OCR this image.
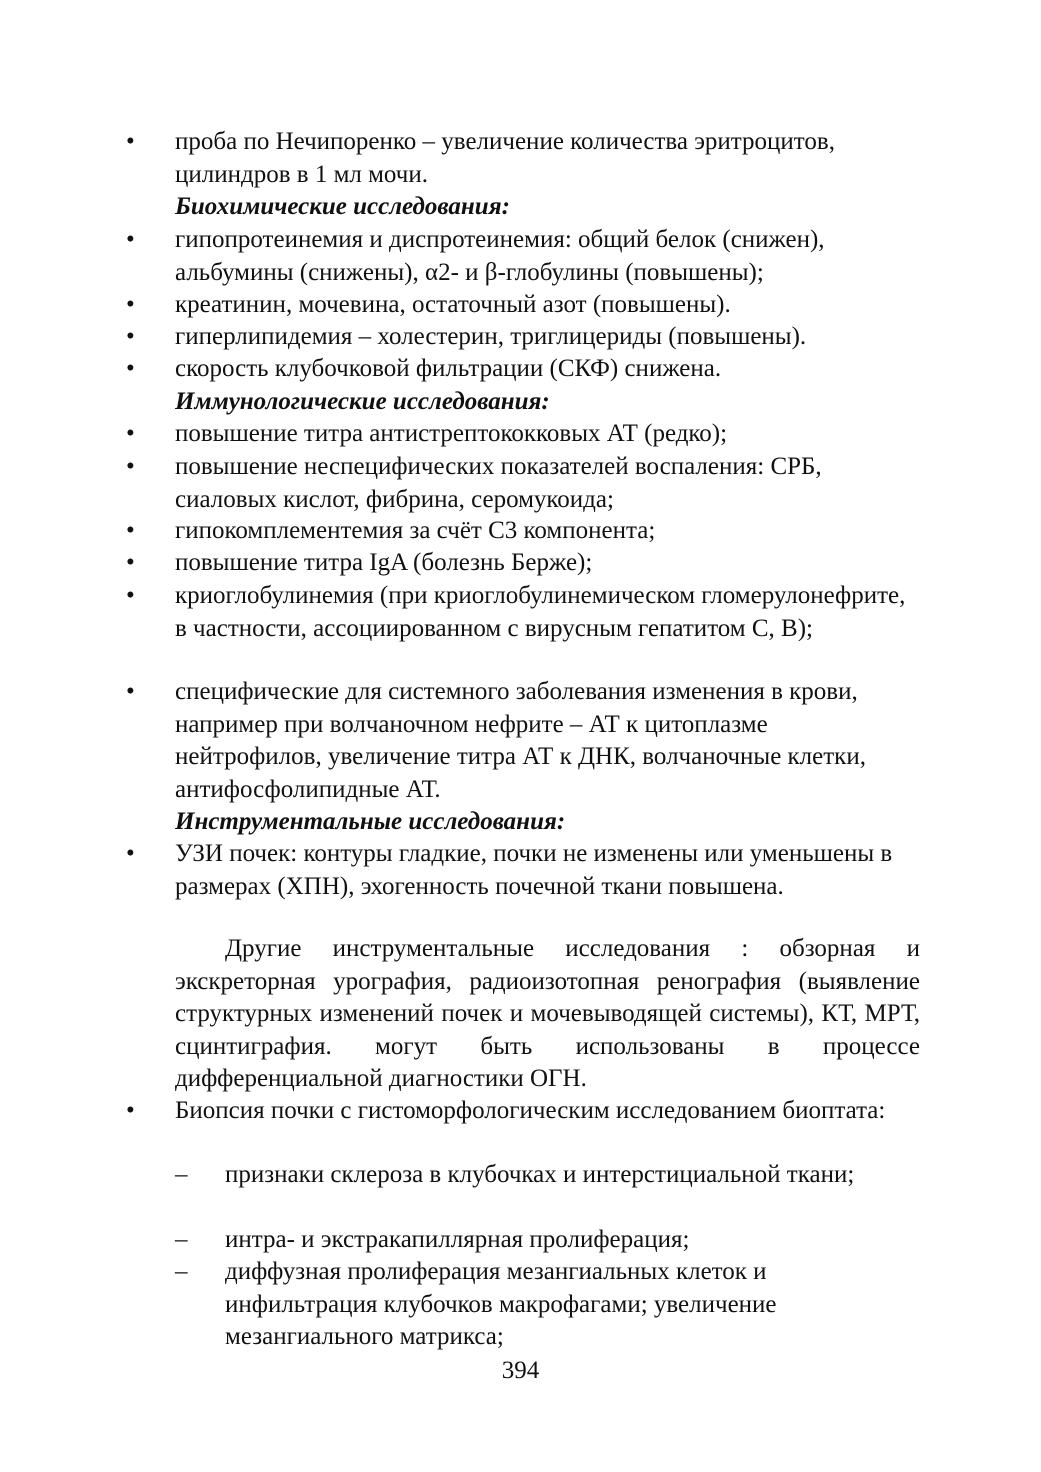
•	проба по Нечипоренко – увеличение количества эритроцитов, цилиндров в 1 мл мочи.
Биохимические исследования:
•	гипопротеинемия и диспротеинемия: общий белок (снижен), альбумины (снижены), α2- и β-глобулины (повышены);
•	креатинин, мочевина, остаточный азот (повышены).
•	гиперлипидемия – холестерин, триглицериды (повышены).
•	скорость клубочковой фильтрации (СКФ) снижена.
Иммунологические исследования:
•	повышение титра антистрептококковых АТ (редко);
•	повышение неспецифических показателей воспаления: СРБ, сиаловых кислот, фибрина, серомукоида;
•	гипокомплементемия за счёт С3 компонента;
•	повышение титра IgA (болезнь Берже);
•	криоглобулинемия (при криоглобулинемическом гломерулонефрите, в частности, ассоциированном с вирусным гепатитом С, В);
•	специфические для системного заболевания изменения в крови, например при волчаночном нефрите – АТ к цитоплазме нейтрофилов, увеличение титра АТ к ДНК, волчаночные клетки, антифосфолипидные АТ.
Инструментальные исследования:
•	УЗИ почек: контуры гладкие, почки не изменены или уменьшены в размерах (ХПН), эхогенность почечной ткани повышена.
Другие инструментальные исследования : обзорная и экскреторная урография, радиоизотопная ренография (выявление структурных изменений почек и мочевыводящей системы), КТ, МРТ, сцинтиграфия. могут быть использованы в процессе дифференциальной диагностики ОГН.
•	Биопсия почки с гистоморфологическим исследованием биоптата:
–	признаки склероза в клубочках и интерстициальной ткани;
–	интра- и экстракапиллярная пролиферация;
–	диффузная пролиферация мезангиальных клеток и инфильтрация клубочков макрофагами; увеличение мезангиального матрикса;
394
